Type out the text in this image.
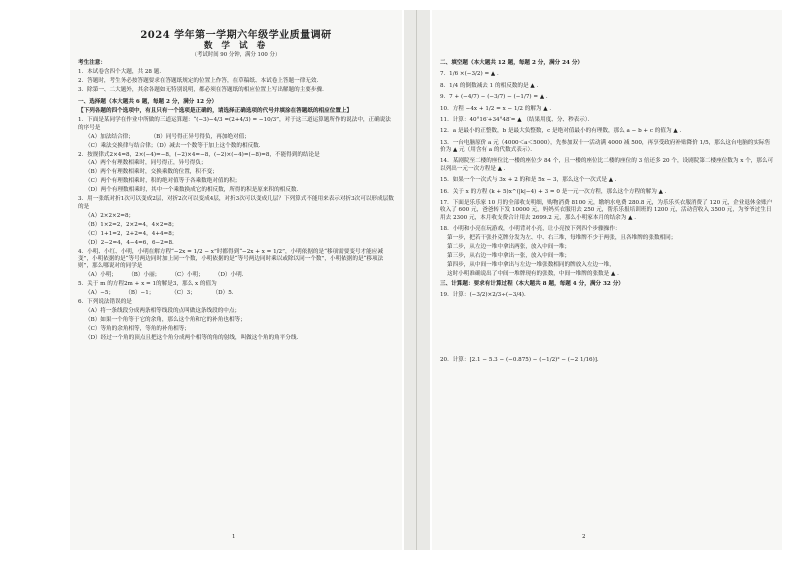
2024 学年第一学期六年级学业质量调研
数 学 试 卷
（考试时间 90 分钟，满分 100 分）

考生注意：

1．本试卷含四个大题，共 28 题．

2．答题时，考生务必按答题要求在答题纸规定的位置上作答，在草稿纸、本试卷上答题一律无效．

3．除第一、二大题外，其余各题如无特别说明，都必须在答题纸的相应位置上写出解题的主要步骤．

一、选择题（本大题共 6 题，每题 2 分，满分 12 分）

【下列各题的四个选项中，有且只有一个选项是正确的，请选择正确选项的代号并填涂在答题纸的相应位置上】

1．下面是某同学在作业中所做的三道运算题：“(−3)−4/3 =(2+4/3) = −10/3”，对于这三道运算题所作的说法中，正确说法的序号是

（A）加法结合律；　　　　（B）同号得正异号得负，再加绝对值；

（C）乘法交换律与结合律；（D）减去一个数等于加上这个数的相反数．

2．按规律式2×4=8，2×(−4)=−8，(−2)×4=−8，(−2)×(−4)=(−8)=8，不能得到的结论是

（A）两个有理数相乘时，同号得正，异号得负；

（B）两个有理数相乘时，交换乘数的位置，积不变；

（C）两个有理数相乘时，积的绝对值等于各乘数绝对值的积；

（D）两个有理数相乘时，其中一个乘数换成它的相反数，所得的积是原来积的相反数．

3．用一张纸对折1次可以变成2层，对折2次可以变成4层，对折3次可以变成几层？下列算式不能用来表示对折3次可以形成层数的是

（A）2×2×2=8；

（B）1×2=2，2×2=4，4×2=8；

（C）1+1=2，2+2=4，4+4=8；

（D）2−2=4，4−4=6，6−2=8．

4．小明、小红、小明，小明在解方程“−2x = 1/2 − x”时都得到“−2x + x = 1/2”，小明依据的是“移项需要变号才能应减变”，小明依据的是“等号两边同时加上同一个数，小明依据的是“等号两边同时乘以或除以同一个数”，小明依据的是“移项法则”，那么哪说对的同学是

（A）小明；　　　（B）小丽；　　　（C）小明；　　　（D）小明．

5．关于 m 的方程2m + x = 1的解是3，那么 x 的值为

（A）−5；　　　（B）−1；　　　　（C）3；　　　　（D）5．

6．下列说法错误的是

（A）将一条线段分成两条相等线段的点叫做这条线段的中点；

（B）如果一个角等于它的余角，那么这个角和它的补角也相等；

（C）等角的余角相等，等角的补角相等；

（D）经过一个角的顶点且把这个角分成两个相等的角的射线，叫做这个角的角平分线．

1

二、填空题（本大题共 12 题，每题 2 分，满分 24 分）

7．1/6 ×(−3/2) = ▲ ．

8．1/4 的倒数减去 1 的相反数的是 ▲ ．

9．7 + (−4/7) − (−3/7) − (−1/7) = ▲ ．

10．方程 −4x + 1/2 = x − 1/2 的解为 ▲ ．

11．计算：40°16′+34°48′= ▲ （结果用度、分、秒表示）．

12．a 是最小的正整数，b 是最大负整数，c 是绝对值最小的有理数，那么 a − b + c 的值为 ▲ ．

13．一台电脑原价 a 元（4000＜a＜5000），先参加双十一活动满 4000 减 500，再享受政府补贴降价 1/5，那么这台电脑的实际售价为 ▲ 元（用含有 a 的代数式表示）．

14．某剧院至二楼的座位比一楼的座位少 84 个，且一楼的座位比二楼的座位的 3 倍还多 20 个，设剧院第二楼座位数为 x 个，那么可以列出一元一次方程是 ▲ ．

15．如果一个一次式与 3x + 2 的和是 5x − 3，那么这个一次式是 ▲ ．

16．关于 x 的方程 (k + 5)x^(|k|−4) + 3 = 0 是一元一次方程，那么这个方程的解为 ▲ ．

17．下面是乐乐家 10 月的全部收支明细，购物消费 8100 元，缴纳水电费 280.8 元，为乐乐买衣服消费了 120 元，企业退休金账户收入了 600 元，爸爸转下发 10000 元，妈妈买衣服用去 250 元，帮乐乐报培训班的 1200 元，活动营收入 3500 元，为爷爷过生日用去 2300 元，本月收支费合计用去 2699.2 元，那么小明家本月的结余为 ▲ ．

18．小明和小亮在玩游戏，小明背对小亮，让小亮按下列四个步骤操作：

第一步，把若干张扑克牌分发为左、中、右三堆，每堆牌不少于两张，且各堆牌的张数相同；

第二步，从左边一堆中拿出两张，放入中间一堆；

第三步，从右边一堆中拿出一张，放入中间一堆；

第四步，从中间一堆中拿出与左边一堆张数相同的牌放入左边一堆，

这时小明准确说出了中间一堆牌现有的张数，中间一堆牌的张数是 ▲ ．

三、计算题：要求有计算过程（本大题共 8 题，每题 4 分，满分 32 分）

19．计算：(−3/2)×2/3÷(−3/4)．

20．计算：[2.1 − 5.3 − (−0.875) − (−1/2)² − (−2 1/16)]．

2
